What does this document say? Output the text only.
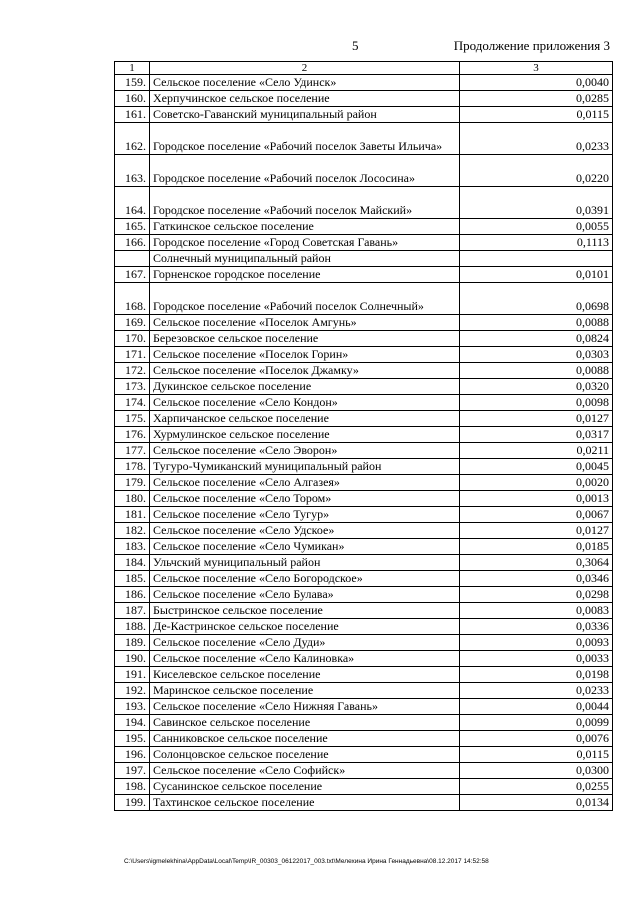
5	Продолжение приложения 3
1	2	3
159.	Сельское поселение «Село Удинск»	0,0040
160.	Херпучинское сельское поселение	0,0285
161.	Советско-Гаванский муниципальный район	0,0115
162.	Городское поселение «Рабочий поселок Заветы Ильича»	0,0233
163.	Городское поселение «Рабочий поселок Лососина»	0,0220
164.	Городское поселение «Рабочий поселок Майский»	0,0391
165.	Гаткинское сельское поселение	0,0055
166.	Городское поселение «Город Советская Гавань»	0,1113
	Солнечный муниципальный район	
167.	Горненское городское поселение	0,0101
168.	Городское поселение «Рабочий поселок Солнечный»	0,0698
169.	Сельское поселение «Поселок Амгунь»	0,0088
170.	Березовское сельское поселение	0,0824
171.	Сельское поселение «Поселок Горин»	0,0303
172.	Сельское поселение «Поселок Джамку»	0,0088
173.	Дукинское сельское поселение	0,0320
174.	Сельское поселение «Село Кондон»	0,0098
175.	Харпичанское сельское поселение	0,0127
176.	Хурмулинское сельское поселение	0,0317
177.	Сельское поселение «Село Эворон»	0,0211
178.	Тугуро-Чумиканский муниципальный район	0,0045
179.	Сельское поселение «Село Алгазея»	0,0020
180.	Сельское поселение «Село Тором»	0,0013
181.	Сельское поселение «Село Тугур»	0,0067
182.	Сельское поселение «Село Удское»	0,0127
183.	Сельское поселение «Село Чумикан»	0,0185
184.	Ульчский муниципальный район	0,3064
185.	Сельское поселение «Село Богородское»	0,0346
186.	Сельское поселение «Село Булава»	0,0298
187.	Быстринское сельское поселение	0,0083
188.	Де-Кастринское сельское поселение	0,0336
189.	Сельское поселение «Село Дуди»	0,0093
190.	Сельское поселение «Село Калиновка»	0,0033
191.	Киселевское сельское поселение	0,0198
192.	Маринское сельское поселение	0,0233
193.	Сельское поселение «Село Нижняя Гавань»	0,0044
194.	Савинское сельское поселение	0,0099
195.	Санниковское сельское поселение	0,0076
196.	Солонцовское сельское поселение	0,0115
197.	Сельское поселение «Село Софийск»	0,0300
198.	Сусанинское сельское поселение	0,0255
199.	Тахтинское сельское поселение	0,0134
C:\Users\igmelekhina\AppData\Local\Temp\IR_00303_06122017_003.txt\Мелехина Ирина Геннадьевна\08.12.2017 14:52:58
